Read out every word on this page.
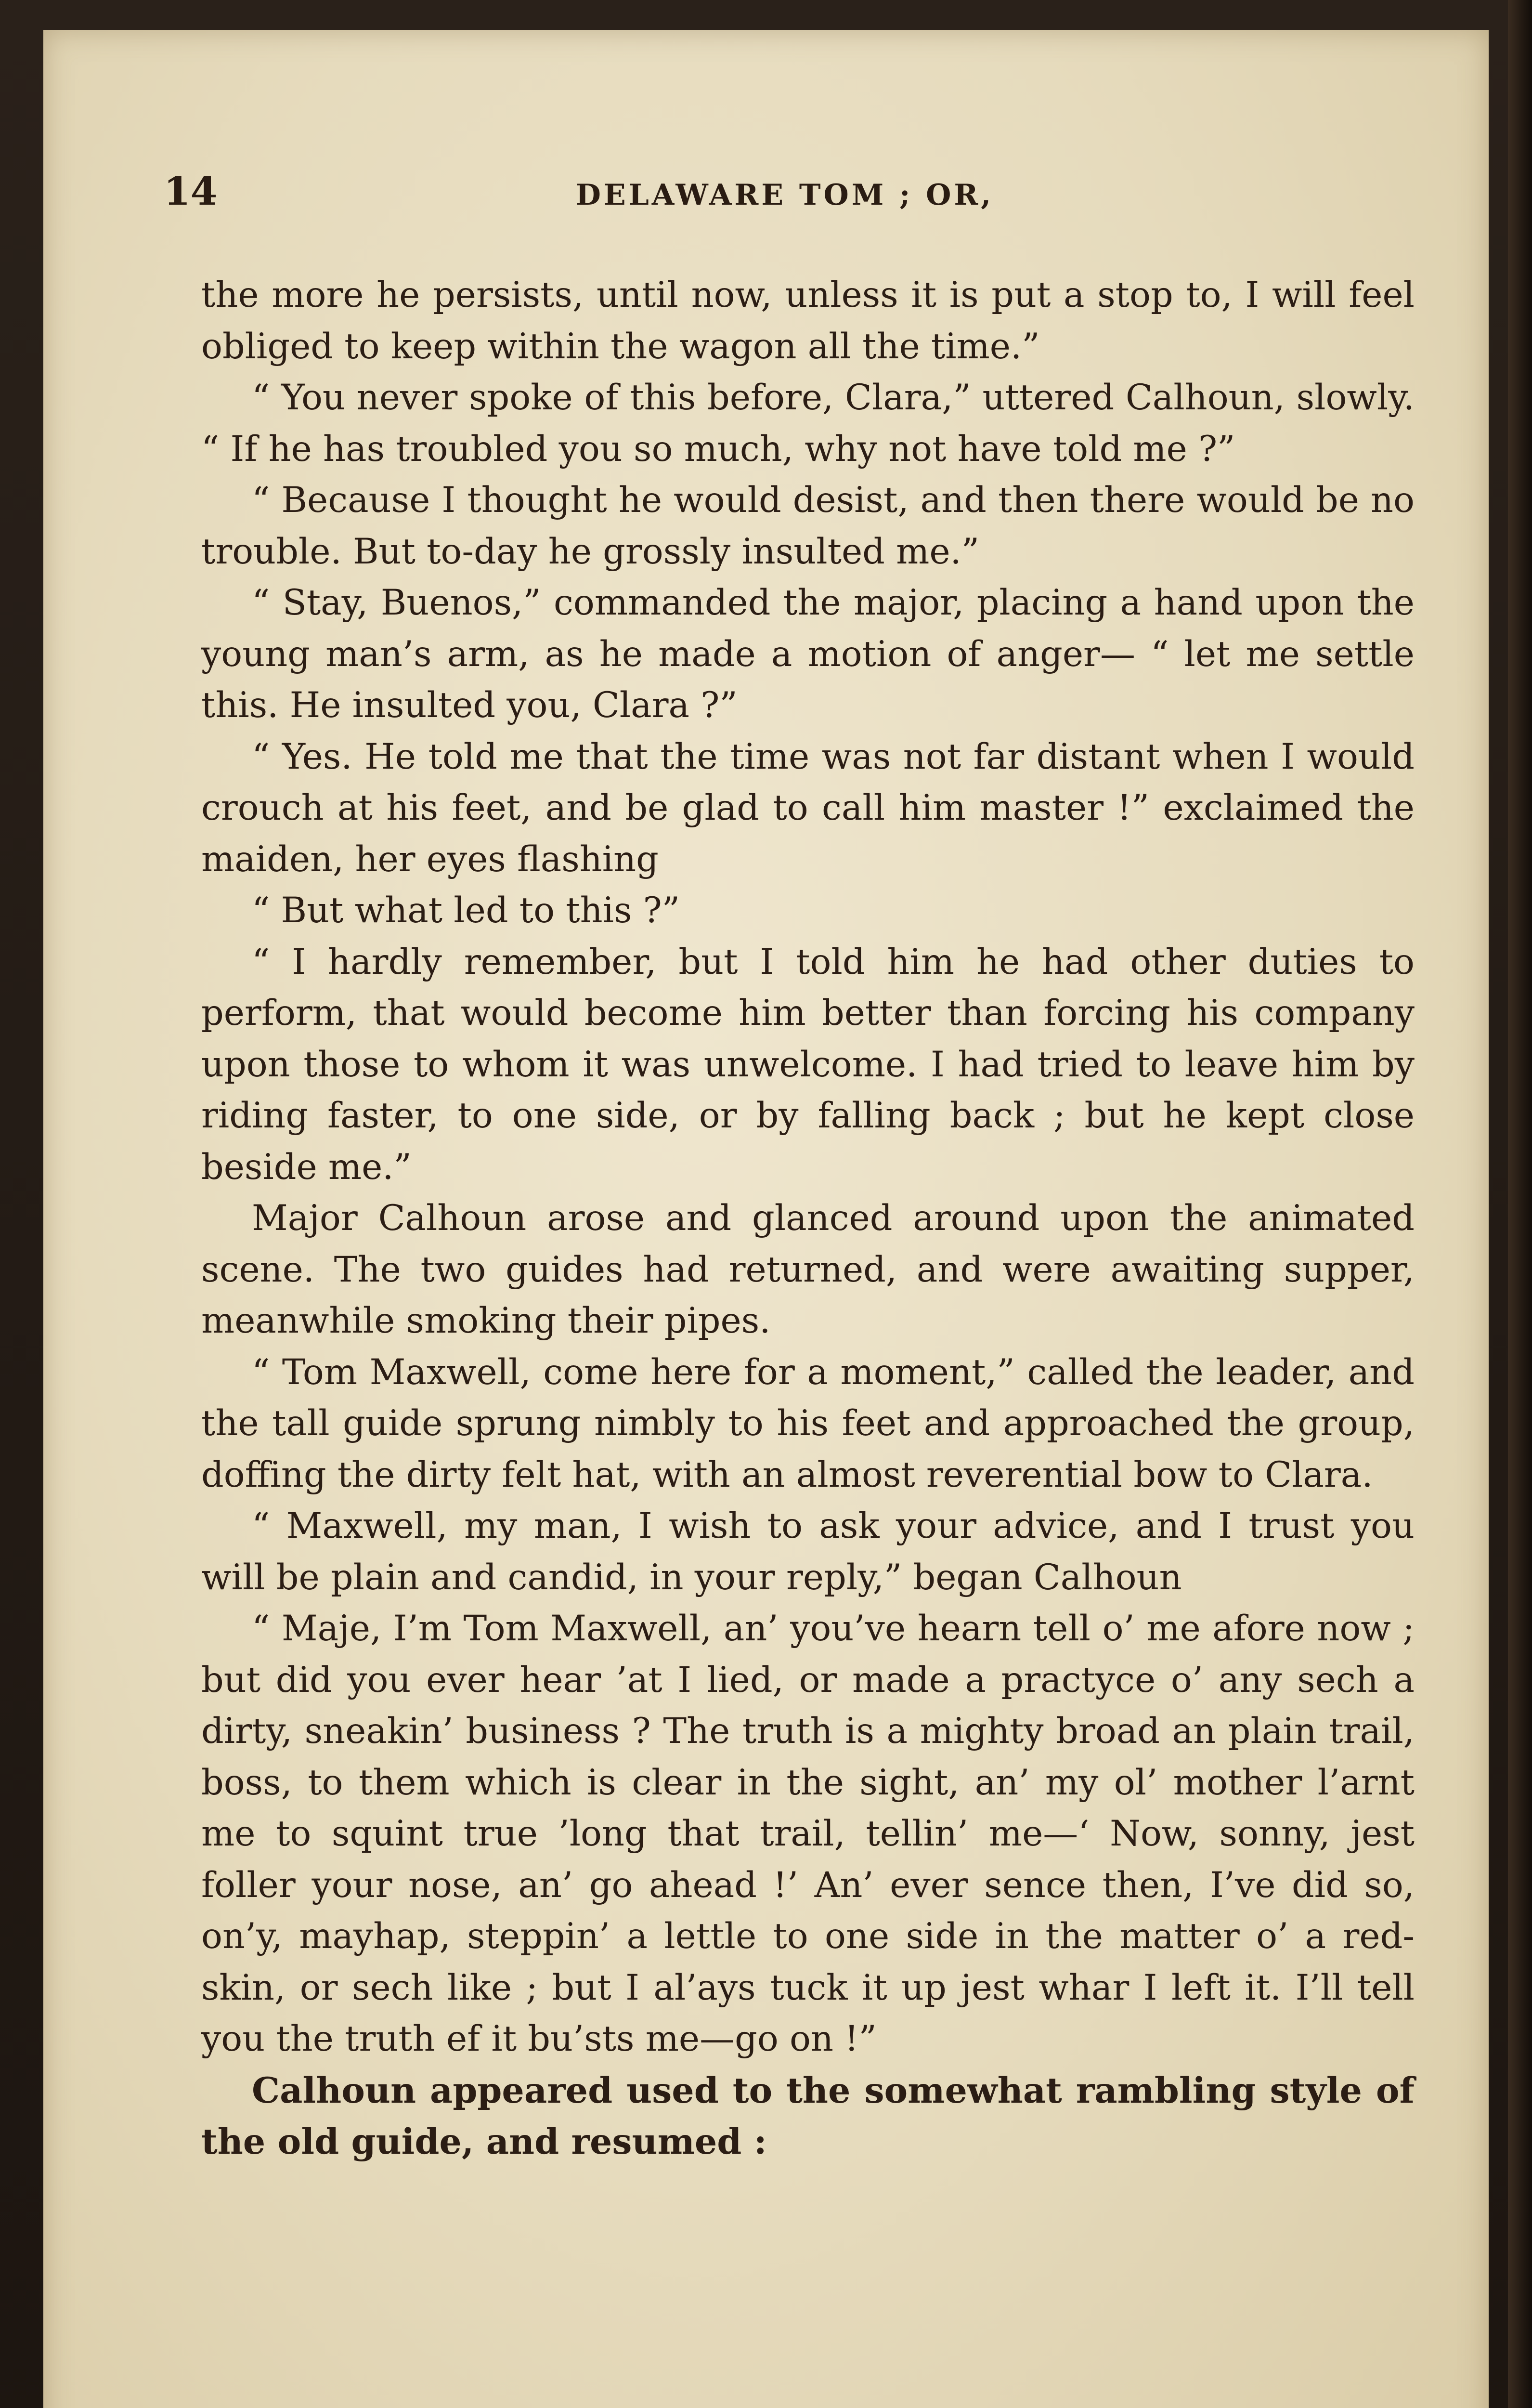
14	DELAWARE TOM ; OR,

the more he persists, until now, unless it is put a stop to, I will feel obliged to keep within the wagon all the time.”

“ You never spoke of this before, Clara,” uttered Calhoun, slowly. “ If he has troubled you so much, why not have told me ?”

“ Because I thought he would desist, and then there would be no trouble. But to-day he grossly insulted me.”

“ Stay, Buenos,” commanded the major, placing a hand upon the young man’s arm, as he made a motion of anger— “ let me settle this. He insulted you, Clara ?”

“ Yes. He told me that the time was not far distant when I would crouch at his feet, and be glad to call him master !” exclaimed the maiden, her eyes flashing

“ But what led to this ?”

“ I hardly remember, but I told him he had other duties to perform, that would become him better than forcing his company upon those to whom it was unwelcome. I had tried to leave him by riding faster, to one side, or by falling back ; but he kept close beside me.”

Major Calhoun arose and glanced around upon the animated scene. The two guides had returned, and were awaiting supper, meanwhile smoking their pipes.

“ Tom Maxwell, come here for a moment,” called the leader, and the tall guide sprung nimbly to his feet and approached the group, doffing the dirty felt hat, with an almost reverential bow to Clara.

“ Maxwell, my man, I wish to ask your advice, and I trust you will be plain and candid, in your reply,” began Calhoun

“ Maje, I’m Tom Maxwell, an’ you’ve hearn tell o’ me afore now ; but did you ever hear ’at I lied, or made a practyce o’ any sech a dirty, sneakin’ business ? The truth is a mighty broad an plain trail, boss, to them which is clear in the sight, an’ my ol’ mother l’arnt me to squint true ’long that trail, tellin’ me—‘ Now, sonny, jest foller your nose, an’ go ahead !’ An’ ever sence then, I’ve did so, on’y, mayhap, steppin’ a lettle to one side in the matter o’ a red-skin, or sech like ; but I al’ays tuck it up jest whar I left it. I’ll tell you the truth ef it bu’sts me—go on !”

Calhoun appeared used to the somewhat rambling style of the old guide, and resumed :
